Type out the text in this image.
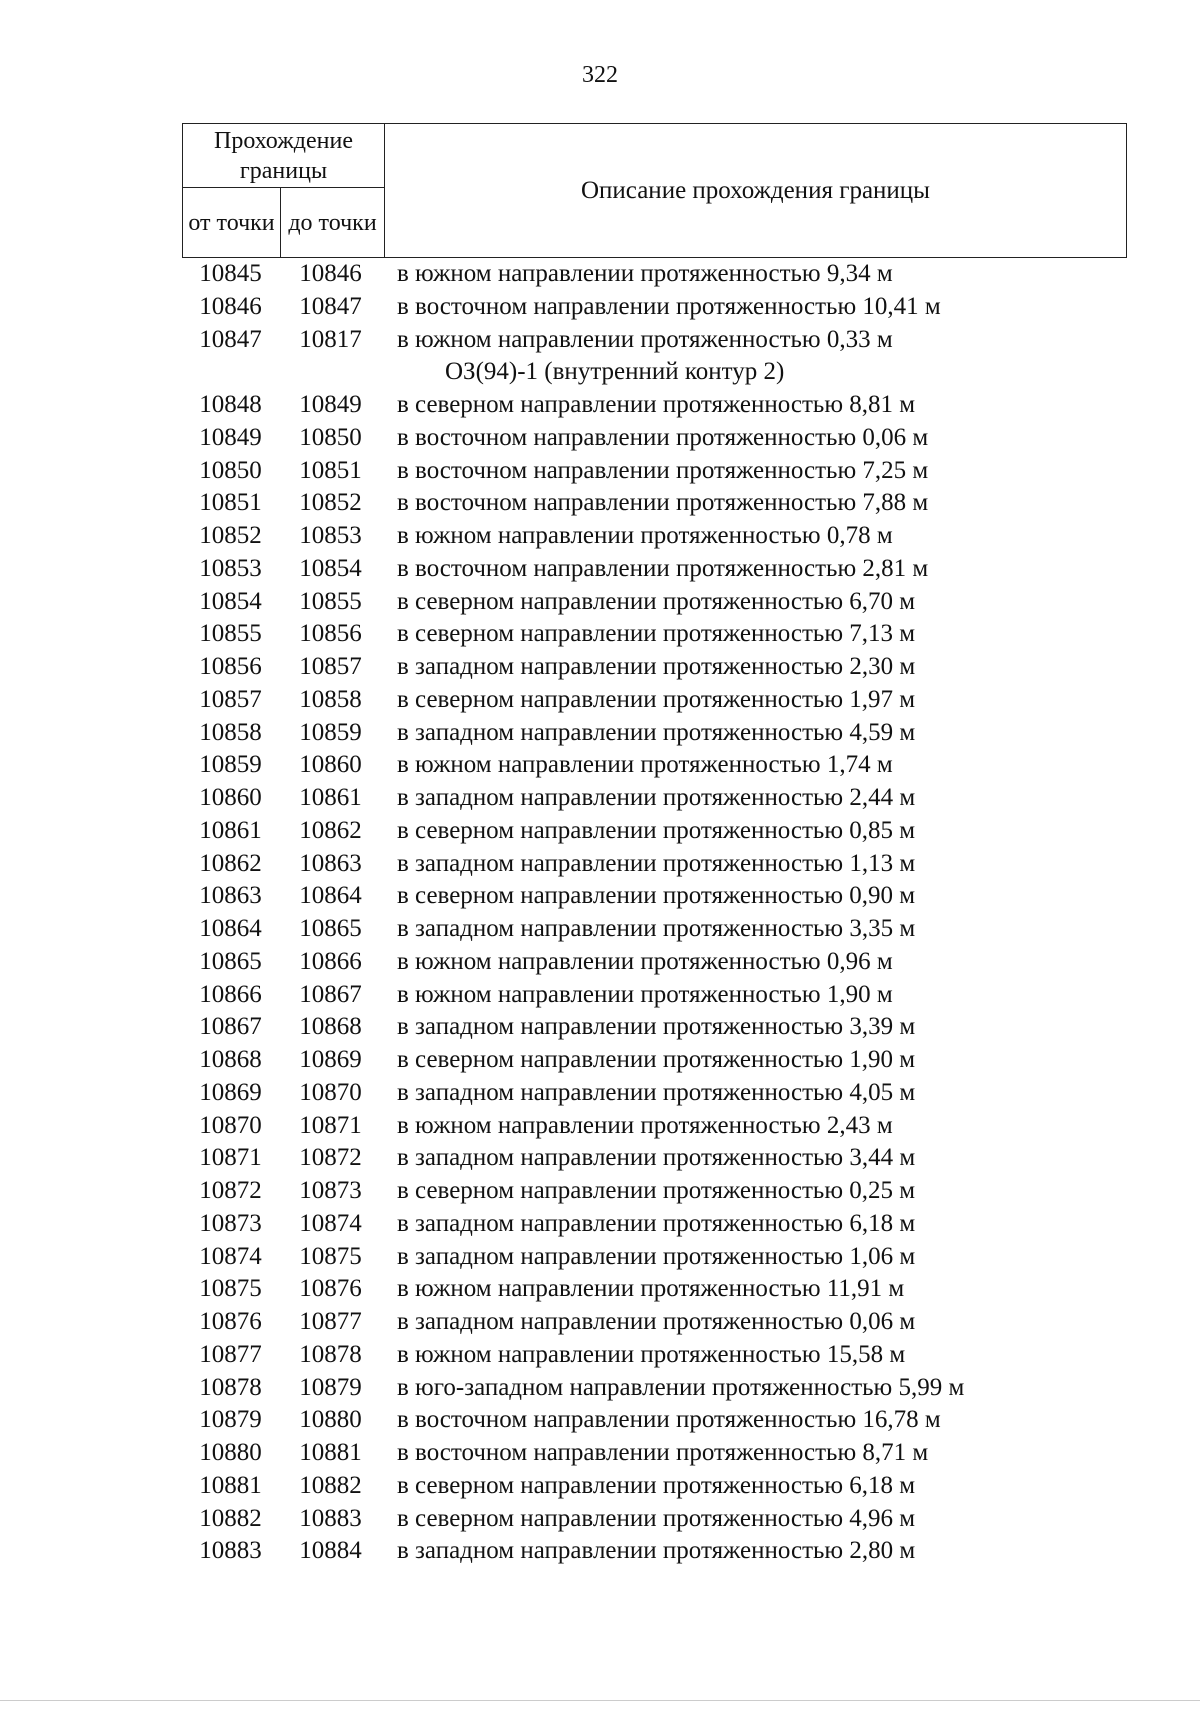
322
Прохождение границы		Описание прохождения границы
от точки	до точки	
10845	10846	в южном направлении протяженностью 9,34 м
10846	10847	в восточном направлении протяженностью 10,41 м
10847	10817	в южном направлении протяженностью 0,33 м
ОЗ(94)-1 (внутренний контур 2)
10848	10849	в северном направлении протяженностью 8,81 м
10849	10850	в восточном направлении протяженностью 0,06 м
10850	10851	в восточном направлении протяженностью 7,25 м
10851	10852	в восточном направлении протяженностью 7,88 м
10852	10853	в южном направлении протяженностью 0,78 м
10853	10854	в восточном направлении протяженностью 2,81 м
10854	10855	в северном направлении протяженностью 6,70 м
10855	10856	в северном направлении протяженностью 7,13 м
10856	10857	в западном направлении протяженностью 2,30 м
10857	10858	в северном направлении протяженностью 1,97 м
10858	10859	в западном направлении протяженностью 4,59 м
10859	10860	в южном направлении протяженностью 1,74 м
10860	10861	в западном направлении протяженностью 2,44 м
10861	10862	в северном направлении протяженностью 0,85 м
10862	10863	в западном направлении протяженностью 1,13 м
10863	10864	в северном направлении протяженностью 0,90 м
10864	10865	в западном направлении протяженностью 3,35 м
10865	10866	в южном направлении протяженностью 0,96 м
10866	10867	в южном направлении протяженностью 1,90 м
10867	10868	в западном направлении протяженностью 3,39 м
10868	10869	в северном направлении протяженностью 1,90 м
10869	10870	в западном направлении протяженностью 4,05 м
10870	10871	в южном направлении протяженностью 2,43 м
10871	10872	в западном направлении протяженностью 3,44 м
10872	10873	в северном направлении протяженностью 0,25 м
10873	10874	в западном направлении протяженностью 6,18 м
10874	10875	в западном направлении протяженностью 1,06 м
10875	10876	в южном направлении протяженностью 11,91 м
10876	10877	в западном направлении протяженностью 0,06 м
10877	10878	в южном направлении протяженностью 15,58 м
10878	10879	в юго-западном направлении протяженностью 5,99 м
10879	10880	в восточном направлении протяженностью 16,78 м
10880	10881	в восточном направлении протяженностью 8,71 м
10881	10882	в северном направлении протяженностью 6,18 м
10882	10883	в северном направлении протяженностью 4,96 м
10883	10884	в западном направлении протяженностью 2,80 м
